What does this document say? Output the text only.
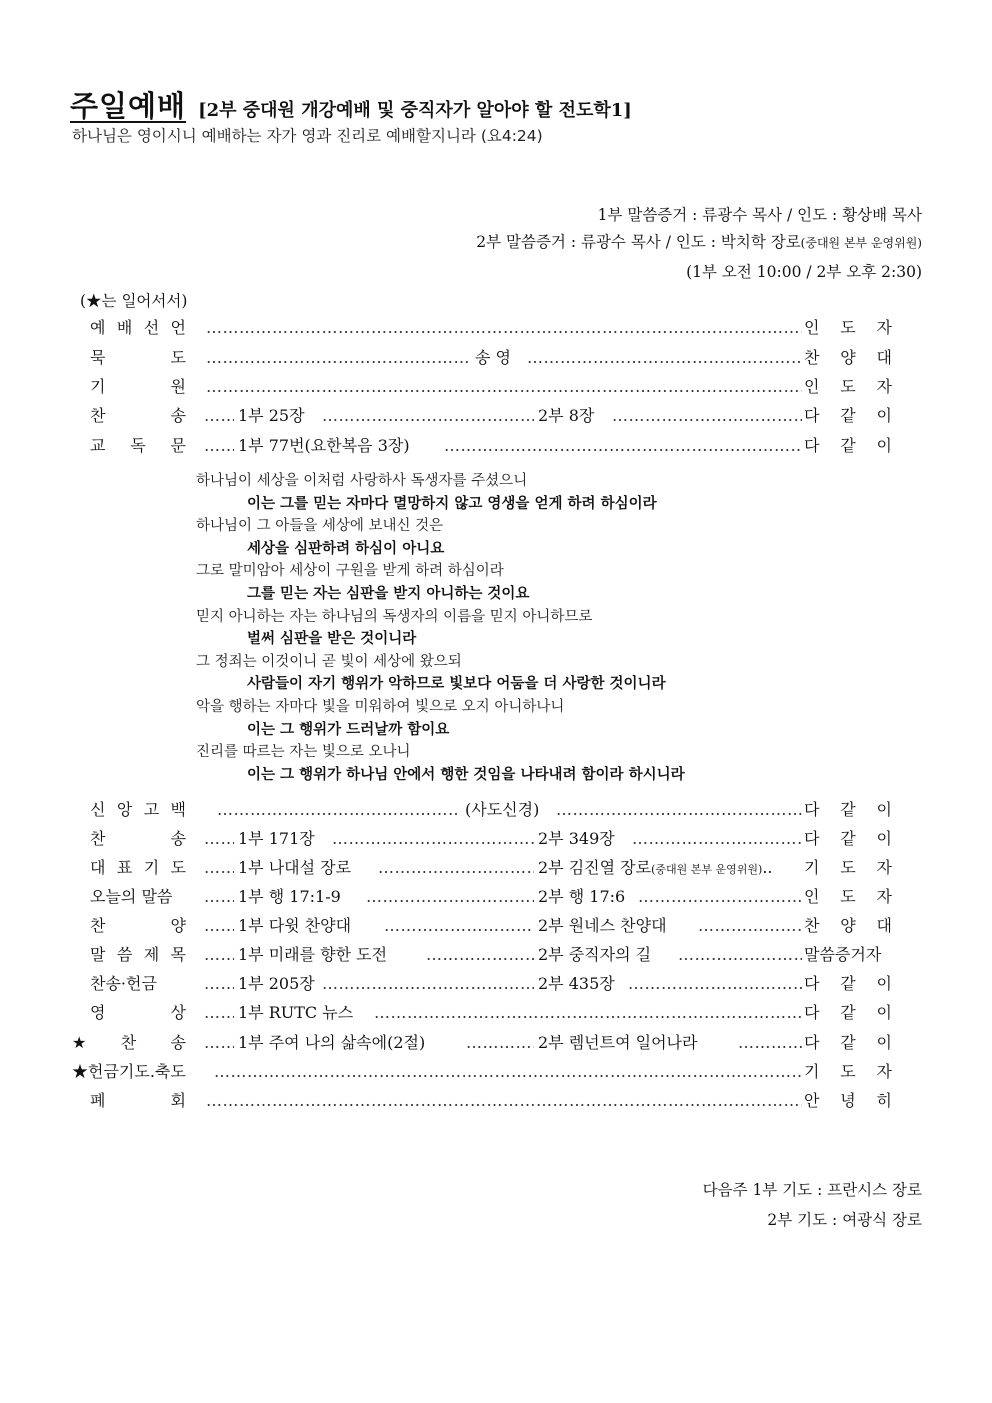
주일예배 [2부 중대원 개강예배 및 중직자가 알아야 할 전도학1]
하나님은 영이시니 예배하는 자가 영과 진리로 예배할지니라 (요4:24)
1부 말씀증거 : 류광수 목사 / 인도 : 황상배 목사
2부 말씀증거 : 류광수 목사 / 인도 : 박치학 장로(중대원 본부 운영위원)
(1부 오전 10:00 / 2부 오후 2:30)
(★는 일어서서)
예 배 선 언 …………………………………………………………………………………………………………………………………………………………………	인 도 자
묵	도 …………………………………………………………………………………………………………………………………………………………………	송 영 …………………………………………………………………………………………………………………………………………………………………	찬 양 대
기	원 …………………………………………………………………………………………………………………………………………………………………	인 도 자
찬	송 …………………………………………………………………………………………………………………………………………………………………	1부 25장 …………………………………………………………………………………………………………………………………………………………………	2부 8장 …………………………………………………………………………………………………………………………………………………………………	다 같 이
교 독 문 …………………………………………………………………………………………………………………………………………………………………	1부 77번(요한복음 3장) …………………………………………………………………………………………………………………………………………………………………	다 같 이
하나님이 세상을 이처럼 사랑하사 독생자를 주셨으니
이는 그를 믿는 자마다 멸망하지 않고 영생을 얻게 하려 하심이라
하나님이 그 아들을 세상에 보내신 것은
세상을 심판하려 하심이 아니요
그로 말미암아 세상이 구원을 받게 하려 하심이라
그를 믿는 자는 심판을 받지 아니하는 것이요
믿지 아니하는 자는 하나님의 독생자의 이름을 믿지 아니하므로
벌써 심판을 받은 것이니라
그 정죄는 이것이니 곧 빛이 세상에 왔으되
사람들이 자기 행위가 악하므로 빛보다 어둠을 더 사랑한 것이니라
악을 행하는 자마다 빛을 미워하여 빛으로 오지 아니하나니
이는 그 행위가 드러날까 함이요
진리를 따르는 자는 빛으로 오나니
이는 그 행위가 하나님 안에서 행한 것임을 나타내려 함이라 하시니라
신 앙 고 백 …………………………………………………………………………………………………………………………………………………………………	(사도신경) …………………………………………………………………………………………………………………………………………………………………	다 같 이
찬	송 …………………………………………………………………………………………………………………………………………………………………	1부 171장 …………………………………………………………………………………………………………………………………………………………………	2부 349장 …………………………………………………………………………………………………………………………………………………………………	다 같 이
대 표 기 도 …………………………………………………………………………………………………………………………………………………………………	1부 나대설 장로 …………………………………………………………………………………………………………………………………………………………………	2부 김진열 장로(중대원 본부 운영위원).. 기 도 자
오늘의 말씀 …………………………………………………………………………………………………………………………………………………………………	1부 행 17:1-9 …………………………………………………………………………………………………………………………………………………………………	2부 행 17:6 …………………………………………………………………………………………………………………………………………………………………	인 도 자
찬	양 …………………………………………………………………………………………………………………………………………………………………	1부 다윗 찬양대 …………………………………………………………………………………………………………………………………………………………………	2부 원네스 찬양대 …………………………………………………………………………………………………………………………………………………………………	찬 양 대
말 씀 제 목 …………………………………………………………………………………………………………………………………………………………………	1부 미래를 향한 도전 …………………………………………………………………………………………………………………………………………………………………	2부 중직자의 길 …………………………………………………………………………………………………………………………………………………………………	말씀증거자
찬송·헌금 …………………………………………………………………………………………………………………………………………………………………	1부 205장 …………………………………………………………………………………………………………………………………………………………………	2부 435장 …………………………………………………………………………………………………………………………………………………………………	다 같 이
영	상 …………………………………………………………………………………………………………………………………………………………………	1부 RUTC 뉴스 …………………………………………………………………………………………………………………………………………………………………	다 같 이
★ 찬 송 …………………………………………………………………………………………………………………………………………………………………	1부 주여 나의 삶속에(2절) …………………………………………………………………………………………………………………………………………………………………	2부 렘넌트여 일어나라 …………………………………………………………………………………………………………………………………………………………………	다 같 이
★헌금기도.축도 …………………………………………………………………………………………………………………………………………………………………	기 도 자
폐	회 …………………………………………………………………………………………………………………………………………………………………	안 녕 히
다음주 1부 기도 : 프란시스 장로
2부 기도 : 여광식 장로
